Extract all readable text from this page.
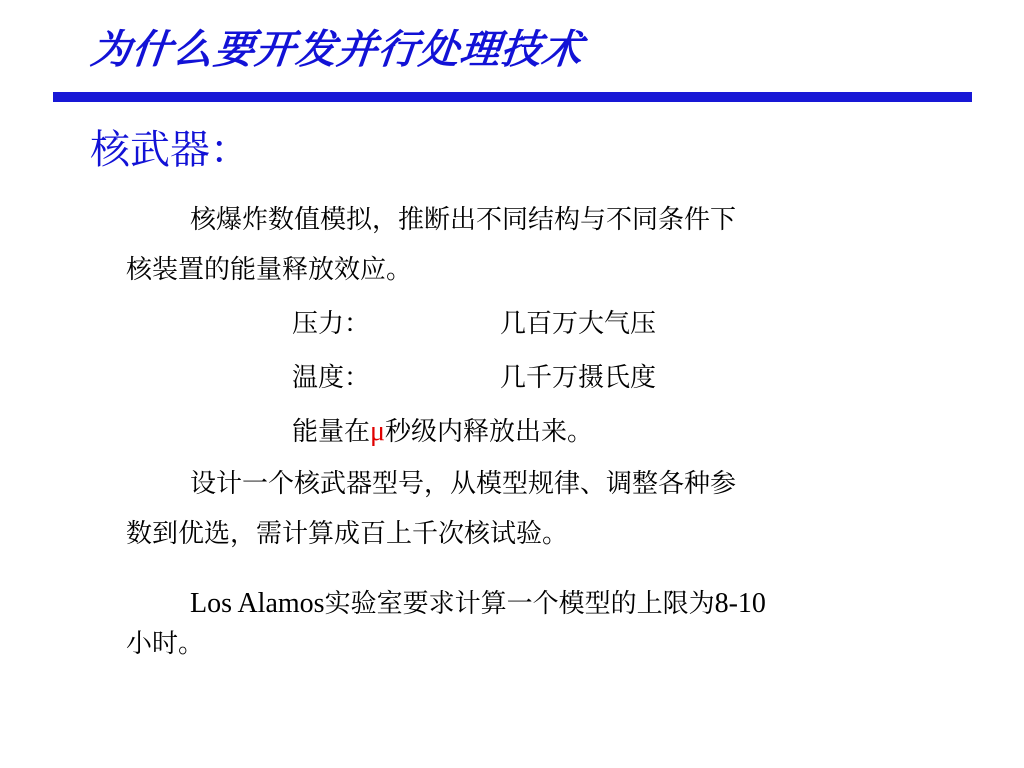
为什么要开发并行处理技术
核武器：

核爆炸数值模拟，推断出不同结构与不同条件下

核装置的能量释放效应。

压力：	几百万大气压

温度：	几千万摄氏度

能量在μ秒级内释放出来。

设计一个核武器型号，从模型规律、调整各种参

数到优选，需计算成百上千次核试验。

Los Alamos实验室要求计算一个模型的上限为8-10

小时。
